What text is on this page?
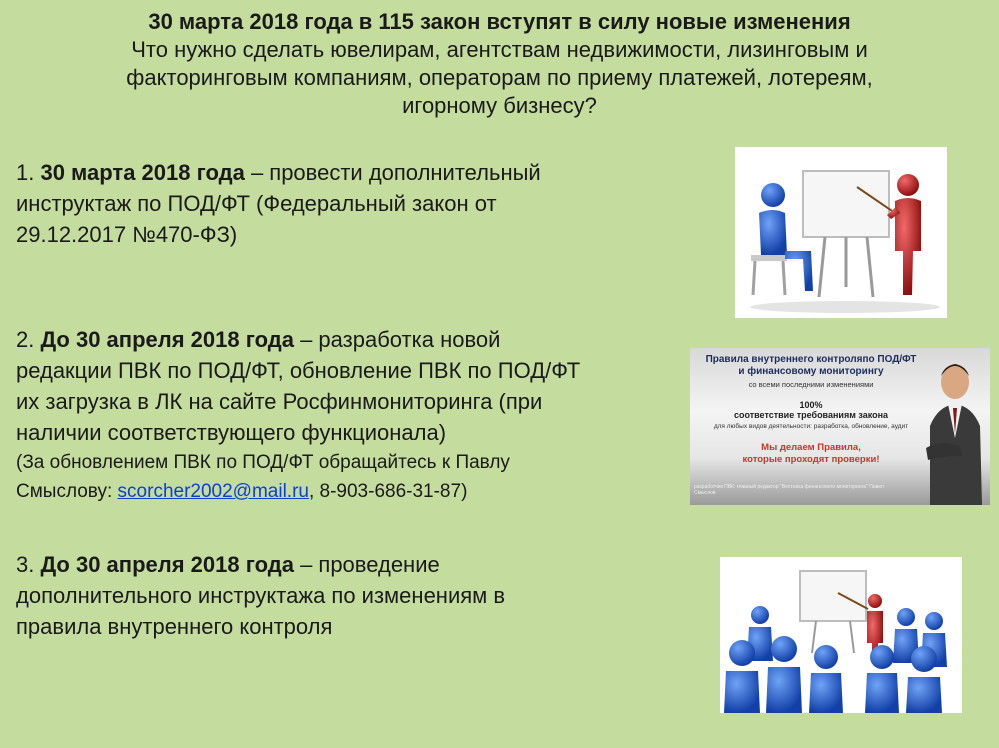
30 марта 2018 года в 115 закон вступят в силу новые изменения
Что нужно сделать ювелирам, агентствам недвижимости, лизинговым и
факторинговым компаниям, операторам по приему платежей, лотереям,
игорному бизнесу?
1. 30 марта 2018 года – провести дополнительный
инструктаж по ПОД/ФТ (Федеральный закон от
29.12.2017 №470-ФЗ)
2. До 30 апреля 2018 года – разработка новой
редакции ПВК по ПОД/ФТ, обновление ПВК по ПОД/ФТ
их загрузка в ЛК на сайте Росфинмониторинга (при
наличии соответствующего функционала)
(За обновлением ПВК по ПОД/ФТ обращайтесь к Павлу
Смыслову: scorcher2002@mail.ru, 8-903-686-31-87)
3. До 30 апреля 2018 года – проведение
дополнительного инструктажа по изменениям в
правила внутреннего контроля
Правила внутреннего контроляпо ПОД/ФТ
и финансовому мониторингу
со всеми последними изменениями
100%
соответствие требованиям закона
для любых видов деятельности: разработка, обновление, аудит
Мы делаем Правила,
которые проходят проверки!
разработчик ПВК: главный редактор "Вестника финансового мониторинга" Павел Смыслов
